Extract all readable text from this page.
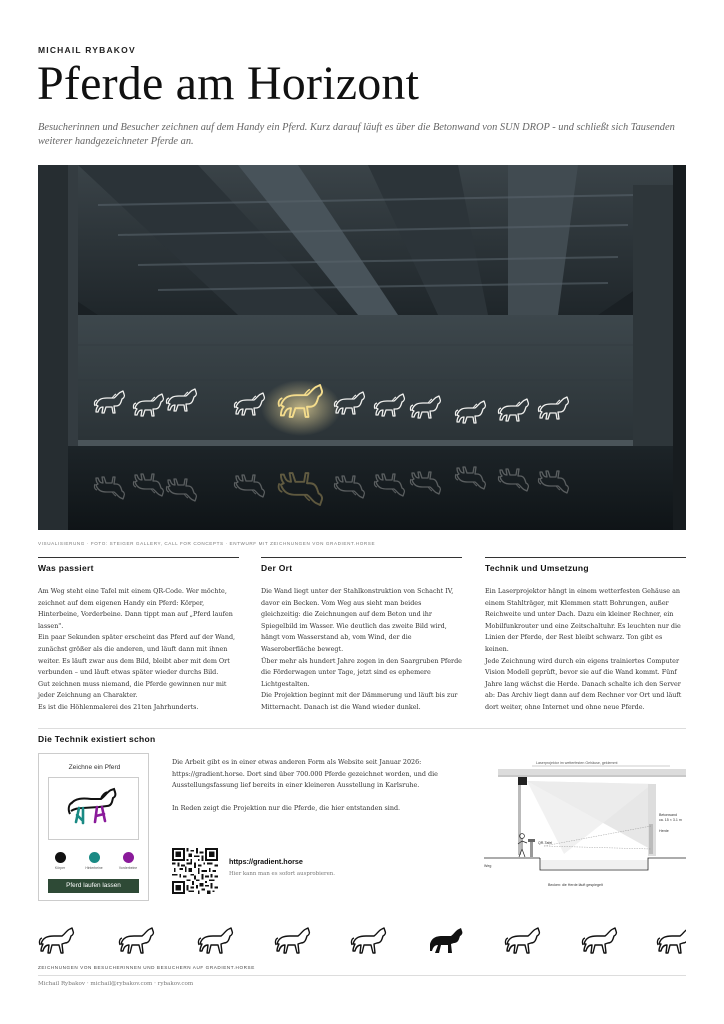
MICHAIL RYBAKOV
Pferde am Horizont
Besucherinnen und Besucher zeichnen auf dem Handy ein Pferd. Kurz darauf läuft es über die Betonwand von SUN DROP - und schließt sich Tausenden weiterer handgezeichneter Pferde an.
VISUALISIERUNG · FOTO: STEIGER GALLERY, CALL FOR CONCEPTS · ENTWURF MIT ZEICHNUNGEN VON GRADIENT.HORSE
Was passiert

Am Weg steht eine Tafel mit einem QR-Code. Wer möchte, zeichnet auf dem eigenen Handy ein Pferd: Körper, Hinterbeine, Vorderbeine. Dann tippt man auf „Pferd laufen lassen".
Ein paar Sekunden später erscheint das Pferd auf der Wand, zunächst größer als die anderen, und läuft dann mit ihnen weiter. Es läuft zwar aus dem Bild, bleibt aber mit dem Ort verbunden – und läuft etwas später wieder durchs Bild.
Gut zeichnen muss niemand, die Pferde gewinnen nur mit jeder Zeichnung an Charakter.
Es ist die Höhlenmalerei des 21ten Jahrhunderts.

Der Ort

Die Wand liegt unter der Stahlkonstruktion von Schacht IV, davor ein Becken. Vom Weg aus sieht man beides gleichzeitig: die Zeichnungen auf dem Beton und ihr Spiegelbild im Wasser. Wie deutlich das zweite Bild wird, hängt vom Wasserstand ab, vom Wind, der die Waseroberfläche bewegt.
Über mehr als hundert Jahre zogen in den Saargruben Pferde die Förderwagen unter Tage, jetzt sind es ephemere Lichtgestalten.
Die Projektion beginnt mit der Dämmerung und läuft bis zur Mitternacht. Danach ist die Wand wieder dunkel.

Technik und Umsetzung

Ein Laserprojektor hängt in einem wetterfesten Gehäuse an einem Stahlträger, mit Klemmen statt Bohrungen, außer Reichweite und unter Dach. Dazu ein kleiner Rechner, ein Mobilfunkrouter und eine Zeitschaltuhr. Es leuchten nur die Linien der Pferde, der Rest bleibt schwarz. Ton gibt es keinen.
Jede Zeichnung wird durch ein eigens trainiertes Computer Vision Modell geprüft, bevor sie auf die Wand kommt. Fünf Jahre lang wächst die Herde. Danach schalte ich den Server ab: Das Archiv liegt dann auf dem Rechner vor Ort und läuft dort weiter, ohne Internet und ohne neue Pferde.

Die Technik existiert schon
Zeichne ein Pferd
Körper	Hinterbeine	Vorderbeine
Pferd laufen lassen
Die Arbeit gibt es in einer etwas anderen Form als Website seit Januar 2026: https://gradient.horse. Dort sind über 700.000 Pferde gezeichnet worden, und die Ausstellungsfassung lief bereits in einer kleineren Ausstellung in Karlsruhe.

In Reden zeigt die Projektion nur die Pferde, die hier entstanden sind.
https://gradient.horse
Hier kann man es sofort ausprobieren.
Laserprojektor im wetterfesten Gehäuse, geklemmt
Betonwand
ca. 15 × 3.1 m
Herde
QR-Tafel
Weg
Becken: die Herde läuft gespiegelt
ZEICHNUNGEN VON BESUCHERINNEN UND BESUCHERN AUF GRADIENT.HORSE
Michail Rybakov · michail@rybakov.com · rybakov.com
